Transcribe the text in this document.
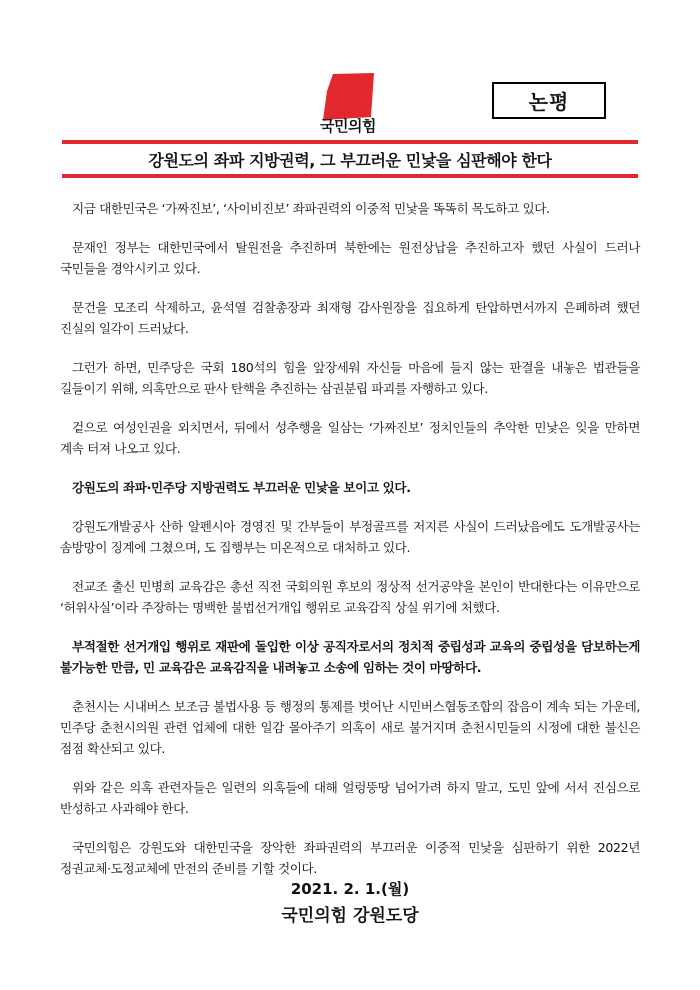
국민의힘
논평
강원도의 좌파 지방권력, 그 부끄러운 민낯을 심판해야 한다

지금 대한민국은 ‘가짜진보’, ‘사이비진보’ 좌파권력의 이중적 민낯을 똑똑히 목도하고 있다.

문재인 정부는 대한민국에서 탈원전을 추진하며 북한에는 원전상납을 추진하고자 했던 사실이 드러나 국민들을 경악시키고 있다.

문건을 모조리 삭제하고, 윤석열 검찰총장과 최재형 감사원장을 집요하게 탄압하면서까지 은폐하려 했던 진실의 일각이 드러났다.

그런가 하면, 민주당은 국회 180석의 힘을 앞장세워 자신들 마음에 들지 않는 판결을 내놓은 법관들을 길들이기 위해, 의혹만으로 판사 탄핵을 추진하는 삼권분립 파괴를 자행하고 있다.

겉으로 여성인권을 외치면서, 뒤에서 성추행을 일삼는 ‘가짜진보’ 정치인들의 추악한 민낯은 잊을 만하면 계속 터져 나오고 있다.

강원도의 좌파·민주당 지방권력도 부끄러운 민낯을 보이고 있다.

강원도개발공사 산하 알펜시아 경영진 및 간부들이 부정골프를 저지른 사실이 드러났음에도 도개발공사는 솜방망이 징계에 그쳤으며, 도 집행부는 미온적으로 대처하고 있다.

전교조 출신 민병희 교육감은 총선 직전 국회의원 후보의 정상적 선거공약을 본인이 반대한다는 이유만으로 ‘허위사실’이라 주장하는 명백한 불법선거개입 행위로 교육감직 상실 위기에 처했다.

부적절한 선거개입 행위로 재판에 돌입한 이상 공직자로서의 정치적 중립성과 교육의 중립성을 담보하는게 불가능한 만큼, 민 교육감은 교육감직을 내려놓고 소송에 임하는 것이 마땅하다.

춘천시는 시내버스 보조금 불법사용 등 행정의 통제를 벗어난 시민버스협동조합의 잡음이 계속 되는 가운데, 민주당 춘천시의원 관련 업체에 대한 일감 몰아주기 의혹이 새로 불거지며 춘천시민들의 시정에 대한 불신은 점점 확산되고 있다.

위와 같은 의혹 관련자들은 일련의 의혹들에 대해 얼렁뚱땅 넘어가려 하지 말고, 도민 앞에 서서 진심으로 반성하고 사과해야 한다.

국민의힘은 강원도와 대한민국을 장악한 좌파권력의 부끄러운 이중적 민낯을 심판하기 위한 2022년 정권교체·도정교체에 만전의 준비를 기할 것이다.

2021. 2. 1.(월)
국민의힘 강원도당
